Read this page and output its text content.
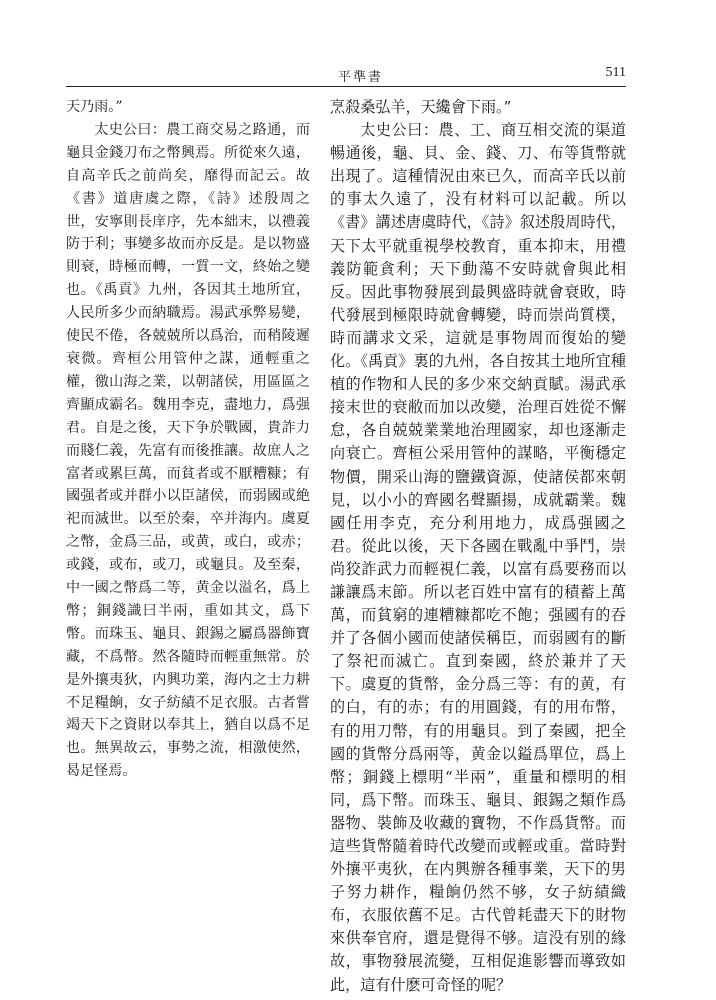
平準書	511

天乃雨。”

太史公曰：農工商交易之路通，而龜貝金錢刀布之幣興焉。所從來久遠，自高辛氏之前尚矣，靡得而記云。故《書》道唐虞之際，《詩》述殷周之世，安寧則長庠序，先本絀末，以禮義防于利；事變多故而亦反是。是以物盛則衰，時極而轉，一質一文，終始之變也。《禹貢》九州，各因其土地所宜，人民所多少而納職焉。湯武承弊易變，使民不倦，各兢兢所以爲治，而稍陵遲衰微。齊桓公用管仲之謀，通輕重之權，徼山海之業，以朝諸侯，用區區之齊顯成霸名。魏用李克，盡地力，爲强君。自是之後，天下争於戰國，貴詐力而賤仁義，先富有而後推讓。故庶人之富者或累巨萬，而貧者或不厭糟糠；有國强者或并群小以臣諸侯，而弱國或絶祀而滅世。以至於秦，卒并海内。虞夏之幣，金爲三品，或黄，或白，或赤；或錢，或布，或刀，或龜貝。及至秦，中一國之幣爲二等，黄金以溢名，爲上幣；銅錢識曰半兩，重如其文，爲下幣。而珠玉、龜貝、銀錫之屬爲器飾寶藏，不爲幣。然各隨時而輕重無常。於是外攘夷狄，内興功業，海内之士力耕不足糧餉，女子紡績不足衣服。古者嘗竭天下之資財以奉其上，猶自以爲不足也。無異故云，事勢之流，相激使然，曷足怪焉。

烹殺桑弘羊，天纔會下雨。”

太史公曰：農、工、商互相交流的渠道暢通後，龜、貝、金、錢、刀、布等貨幣就出現了。這種情況由來已久，而高辛氏以前的事太久遠了，没有材料可以記載。所以《書》講述唐虞時代，《詩》叙述殷周時代，天下太平就重視學校教育，重本抑末，用禮義防範貪利；天下動蕩不安時就會與此相反。因此事物發展到最興盛時就會衰敗，時代發展到極限時就會轉變，時而崇尚質樸，時而講求文采，這就是事物周而復始的變化。《禹貢》裏的九州，各自按其土地所宜種植的作物和人民的多少來交納貢賦。湯武承接末世的衰敝而加以改變，治理百姓從不懈怠，各自兢兢業業地治理國家，却也逐漸走向衰亡。齊桓公采用管仲的謀略，平衡穩定物價，開采山海的鹽鐵資源，使諸侯都來朝見，以小小的齊國名聲顯揚，成就霸業。魏國任用李克，充分利用地力，成爲强國之君。從此以後，天下各國在戰亂中爭鬥，崇尚狡詐武力而輕視仁義，以富有爲要務而以謙讓爲末節。所以老百姓中富有的積蓄上萬萬，而貧窮的連糟糠都吃不飽；强國有的吞并了各個小國而使諸侯稱臣，而弱國有的斷了祭祀而滅亡。直到秦國，終於兼并了天下。虞夏的貨幣，金分爲三等：有的黄，有的白，有的赤；有的用圓錢，有的用布幣，有的用刀幣，有的用龜貝。到了秦國，把全國的貨幣分爲兩等，黄金以鎰爲單位，爲上幣；銅錢上標明“半兩”，重量和標明的相同，爲下幣。而珠玉、龜貝、銀錫之類作爲器物、裝飾及收藏的寶物，不作爲貨幣。而這些貨幣隨着時代改變而或輕或重。當時對外攘平夷狄，在内興辦各種事業，天下的男子努力耕作，糧餉仍然不够，女子紡績織布，衣服依舊不足。古代曾耗盡天下的財物來供奉官府，還是覺得不够。這没有别的緣故，事物發展流變，互相促進影響而導致如此，這有什麽可奇怪的呢？
